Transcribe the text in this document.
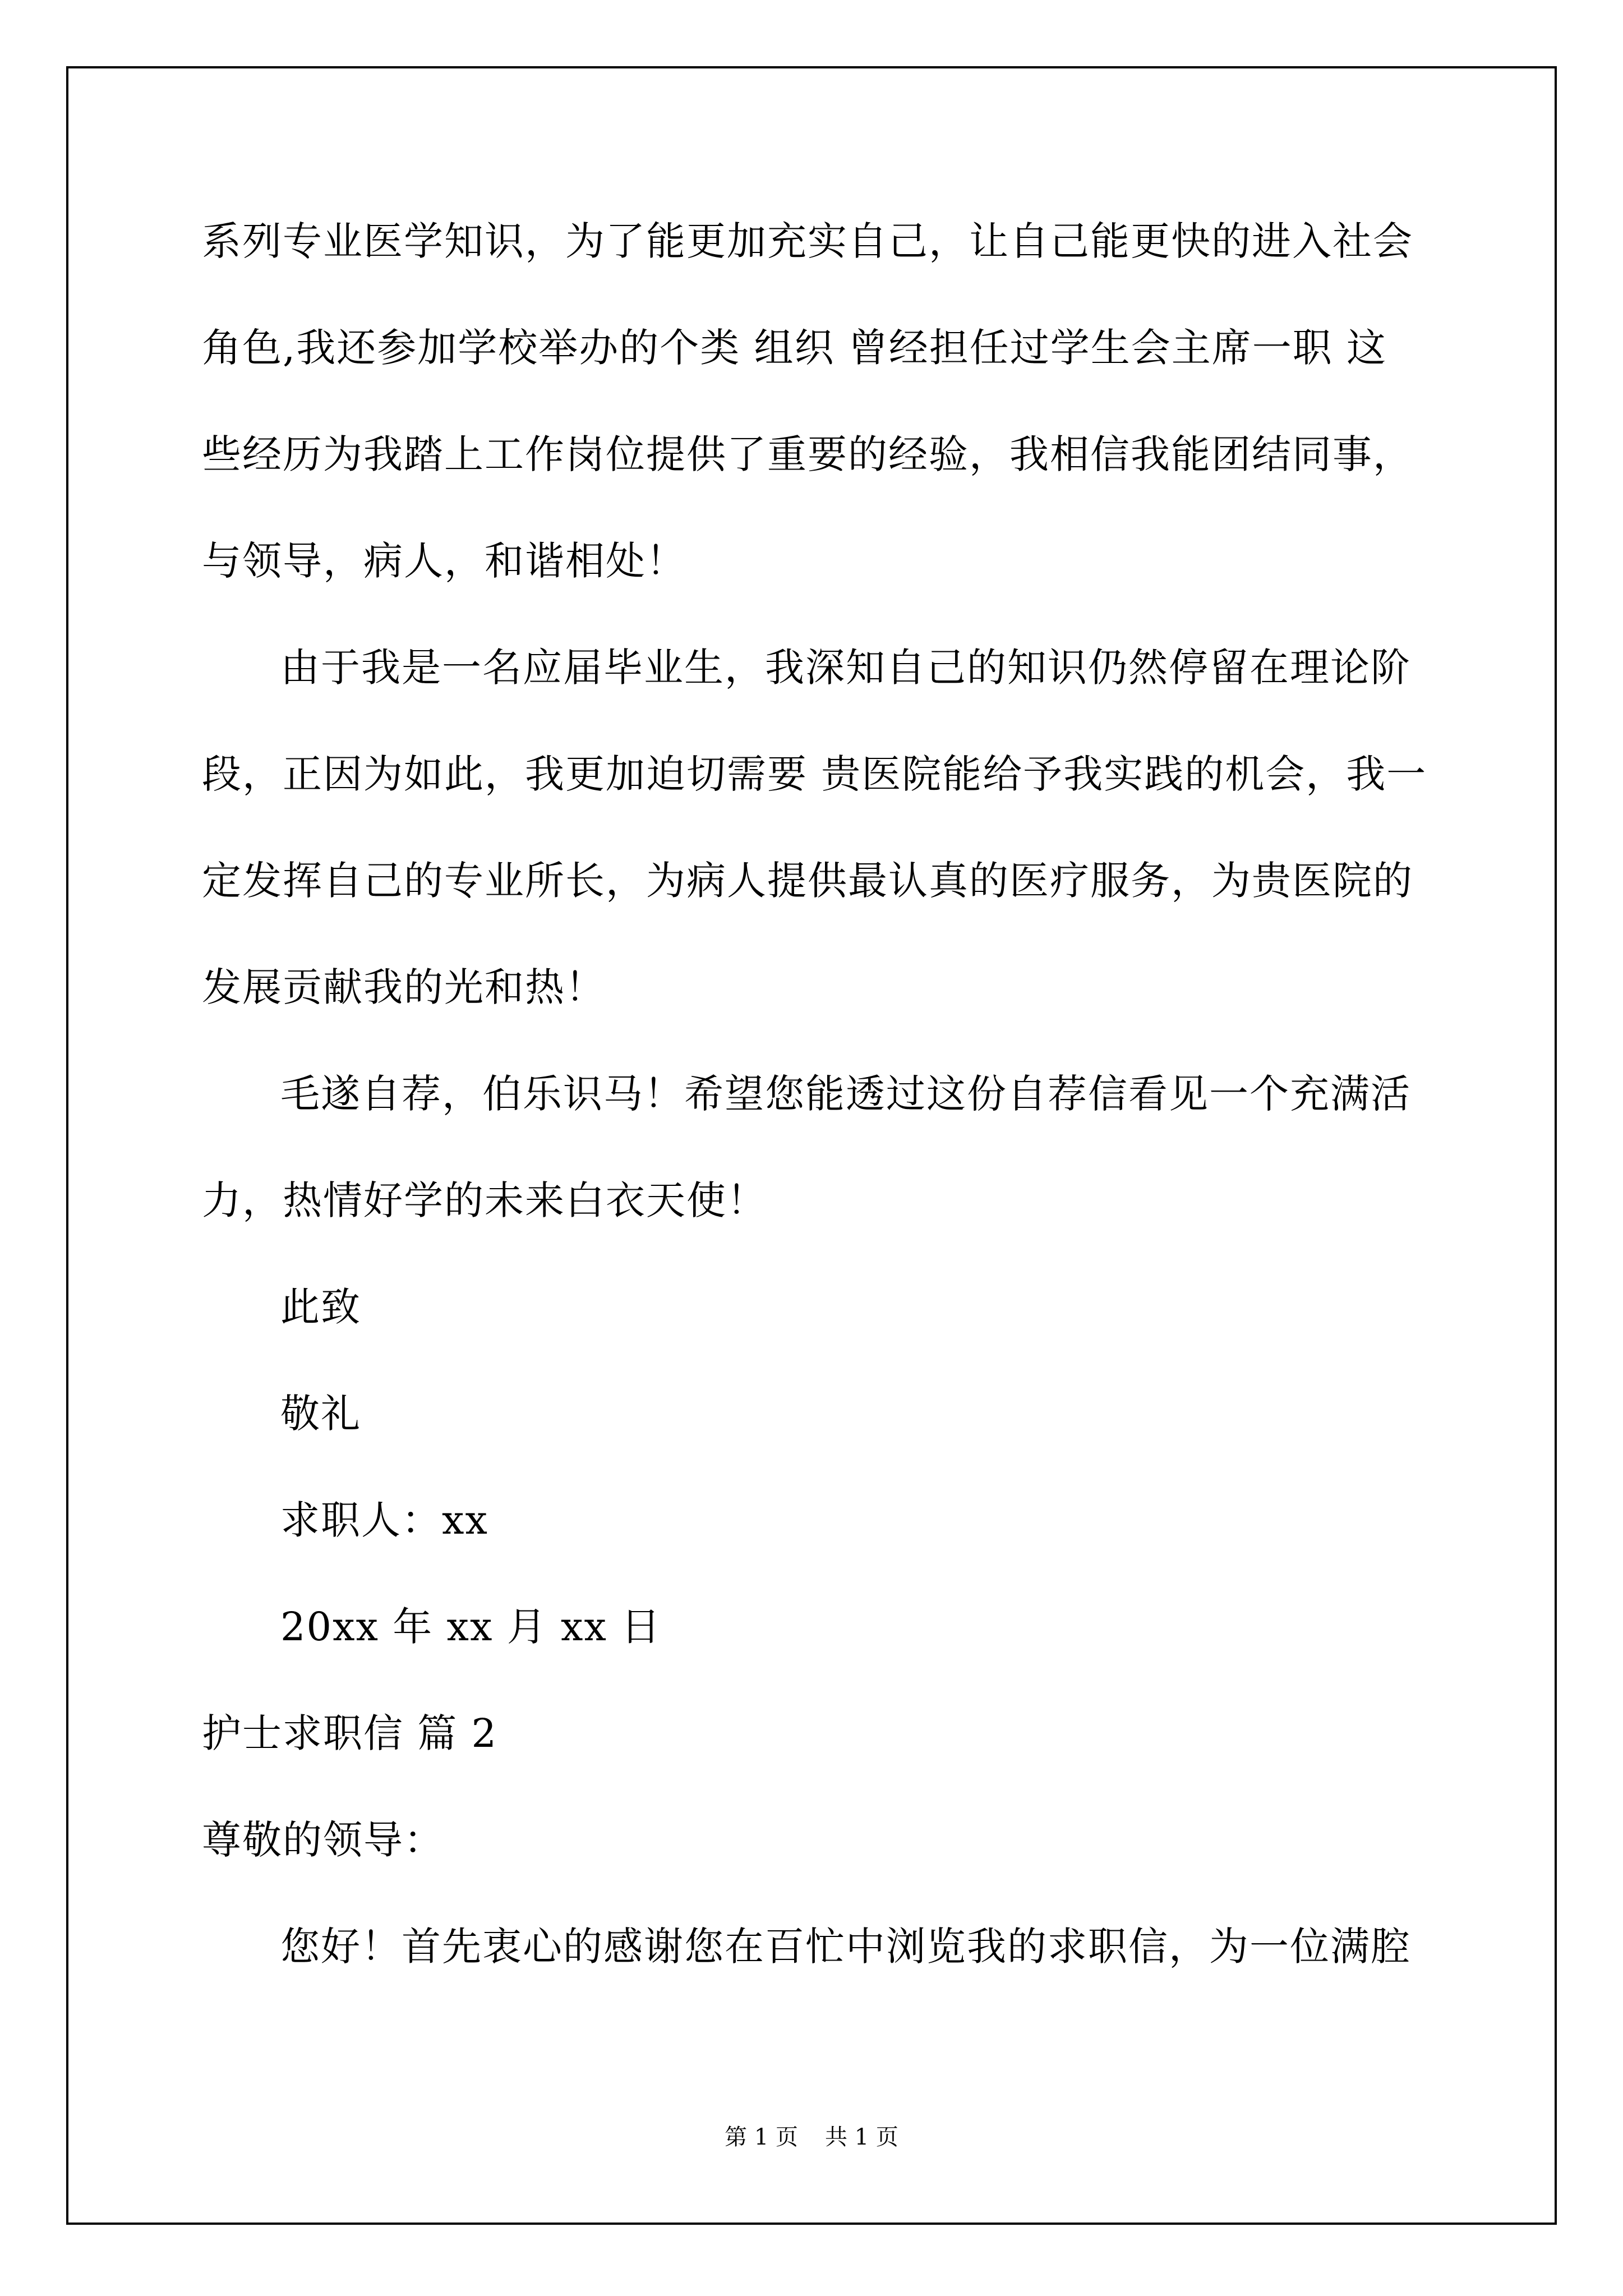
系列专业医学知识，为了能更加充实自己，让自己能更快的进入社会
角色,我还参加学校举办的个类 组织 曾经担任过学生会主席一职 这
些经历为我踏上工作岗位提供了重要的经验，我相信我能团结同事，
与领导，病人，和谐相处！
由于我是一名应届毕业生，我深知自己的知识仍然停留在理论阶
段，正因为如此，我更加迫切需要 贵医院能给予我实践的机会，我一
定发挥自己的专业所长，为病人提供最认真的医疗服务，为贵医院的
发展贡献我的光和热！
毛遂自荐，伯乐识马！希望您能透过这份自荐信看见一个充满活
力，热情好学的未来白衣天使！
此致
敬礼
求职人：xx
20xx 年 xx 月 xx 日
护士求职信 篇 2
尊敬的领导：
您好！首先衷心的感谢您在百忙中浏览我的求职信，为一位满腔
第 1 页 共 1 页
